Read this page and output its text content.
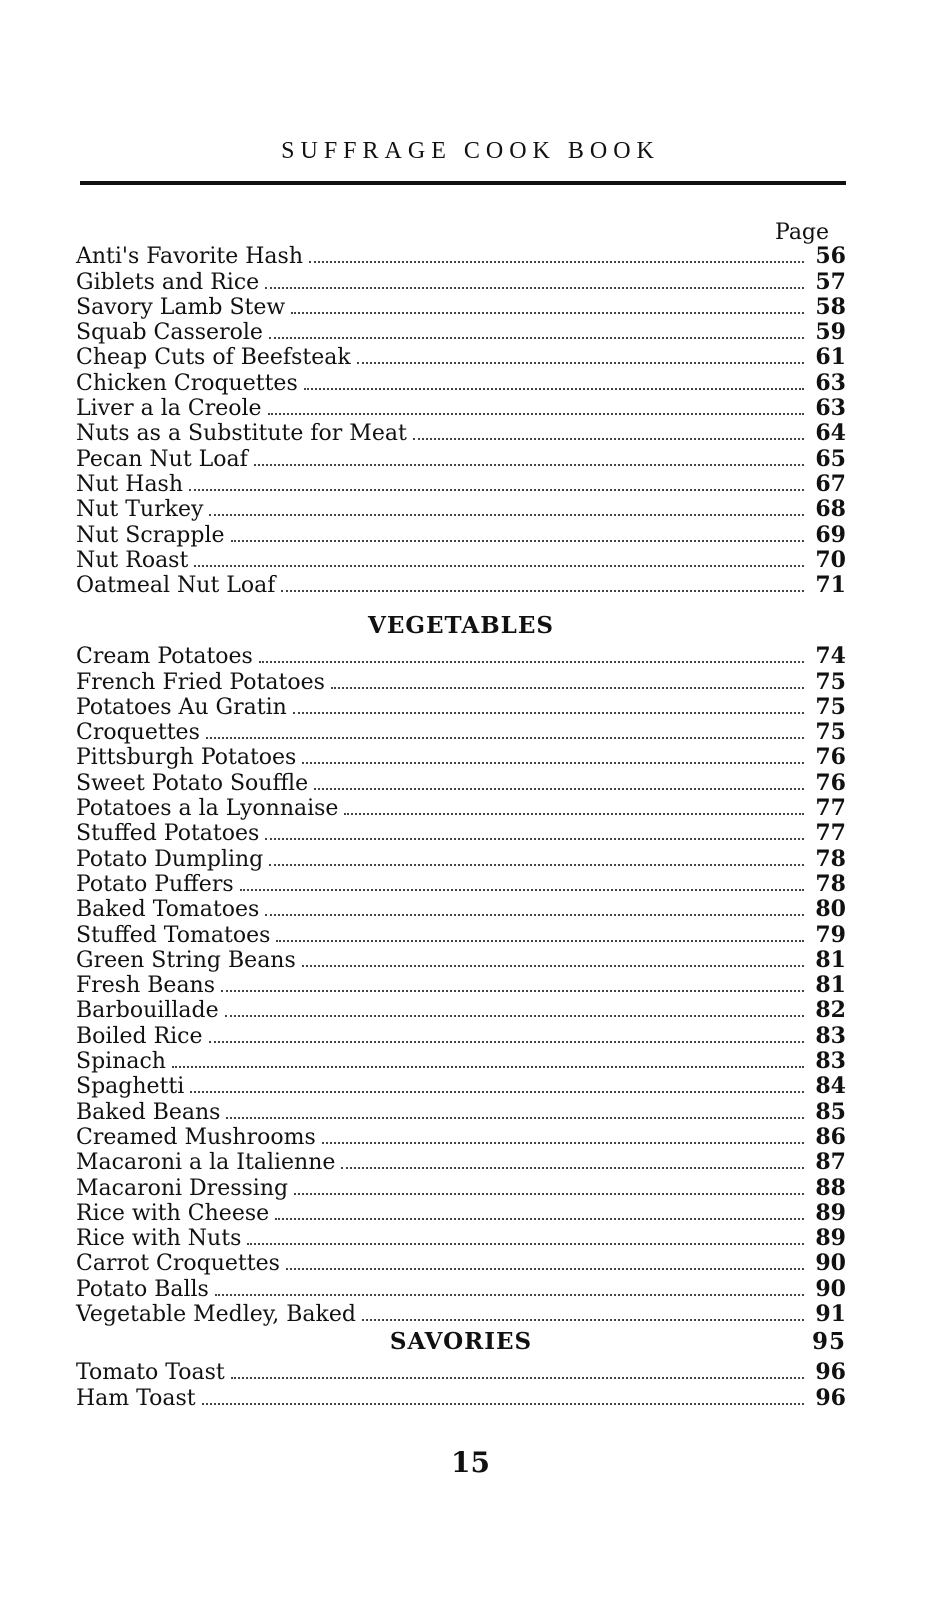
SUFFRAGE COOK BOOK
Page
Anti's Favorite Hash	56
Giblets and Rice	57
Savory Lamb Stew	58
Squab Casserole	59
Cheap Cuts of Beefsteak	61
Chicken Croquettes	63
Liver a la Creole	63
Nuts as a Substitute for Meat	64
Pecan Nut Loaf	65
Nut Hash	67
Nut Turkey	68
Nut Scrapple	69
Nut Roast	70
Oatmeal Nut Loaf	71
VEGETABLES
Cream Potatoes	74
French Fried Potatoes	75
Potatoes Au Gratin	75
Croquettes	75
Pittsburgh Potatoes	76
Sweet Potato Souffle	76
Potatoes a la Lyonnaise	77
Stuffed Potatoes	77
Potato Dumpling	78
Potato Puffers	78
Baked Tomatoes	80
Stuffed Tomatoes	79
Green String Beans	81
Fresh Beans	81
Barbouillade	82
Boiled Rice	83
Spinach	83
Spaghetti	84
Baked Beans	85
Creamed Mushrooms	86
Macaroni a la Italienne	87
Macaroni Dressing	88
Rice with Cheese	89
Rice with Nuts	89
Carrot Croquettes	90
Potato Balls	90
Vegetable Medley, Baked	91
SAVORIES	95
Tomato Toast	96
Ham Toast	96
15
